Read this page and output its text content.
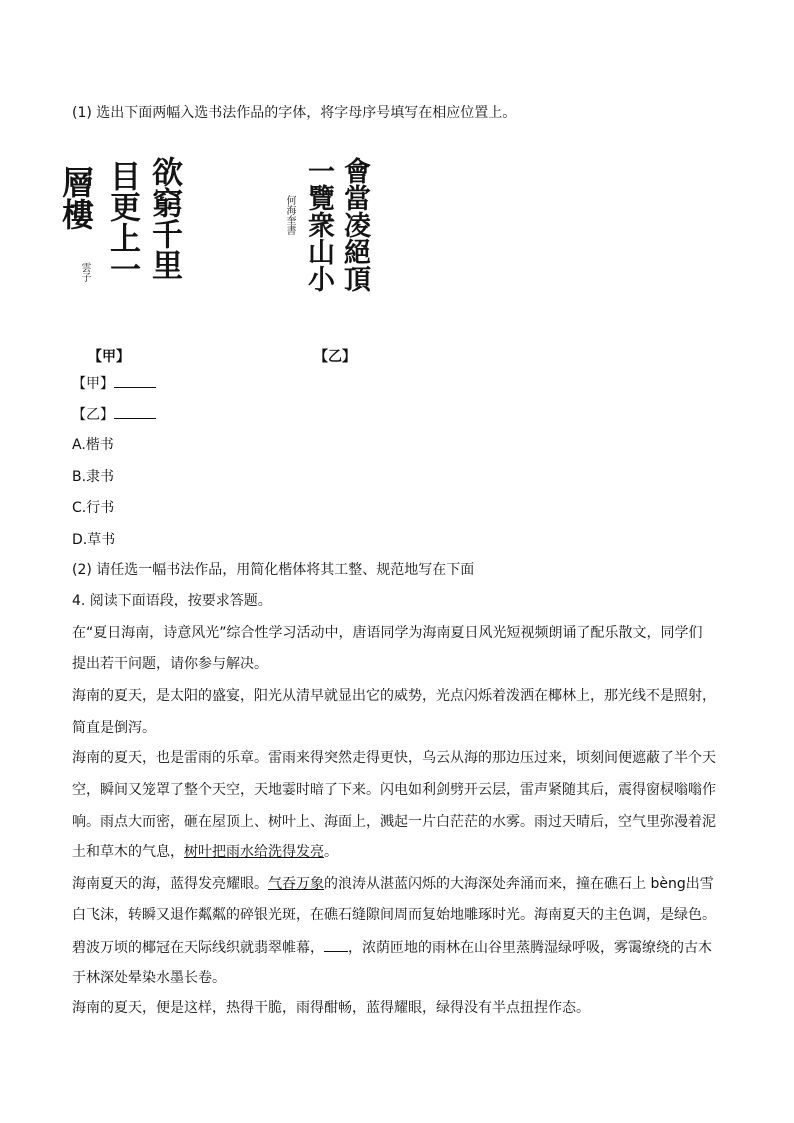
(1) 选出下面两幅入选书法作品的字体，将字母序号填写在相应位置上。
欲窮千里
目更上一
層樓
雲子
【甲】
會當凌絕頂
一覽衆山小
何海奎書
【乙】
【甲】
【乙】
A.楷书
B.隶书
C.行书
D.草书
(2) 请任选一幅书法作品，用简化楷体将其工整、规范地写在下面
4. 阅读下面语段，按要求答题。
在“夏日海南，诗意风光”综合性学习活动中，唐语同学为海南夏日风光短视频朗诵了配乐散文，同学们
提出若干问题，请你参与解决。
海南的夏天，是太阳的盛宴，阳光从清早就显出它的威势，光点闪烁着泼洒在椰林上，那光线不是照射，
简直是倒泻。
海南的夏天，也是雷雨的乐章。雷雨来得突然走得更快，乌云从海的那边压过来，顷刻间便遮蔽了半个天
空，瞬间又笼罩了整个天空，天地霎时暗了下来。闪电如利剑劈开云层，雷声紧随其后，震得窗棂嗡嗡作
响。雨点大而密，砸在屋顶上、树叶上、海面上，溅起一片白茫茫的水雾。雨过天晴后，空气里弥漫着泥
土和草木的气息，树叶把雨水给洗得发亮。
海南夏天的海，蓝得发亮耀眼。气吞万象的浪涛从湛蓝闪烁的大海深处奔涌而来，撞在礁石上 bèng出雪
白飞沫，转瞬又退作粼粼的碎银光斑，在礁石缝隙间周而复始地雕琢时光。海南夏天的主色调，是绿色。
碧波万顷的椰冠在天际线织就翡翠帷幕， ，浓荫匝地的雨林在山谷里蒸腾湿绿呼吸，雾霭缭绕的古木
于林深处晕染水墨长卷。
海南的夏天，便是这样，热得干脆，雨得酣畅，蓝得耀眼，绿得没有半点扭捏作态。
